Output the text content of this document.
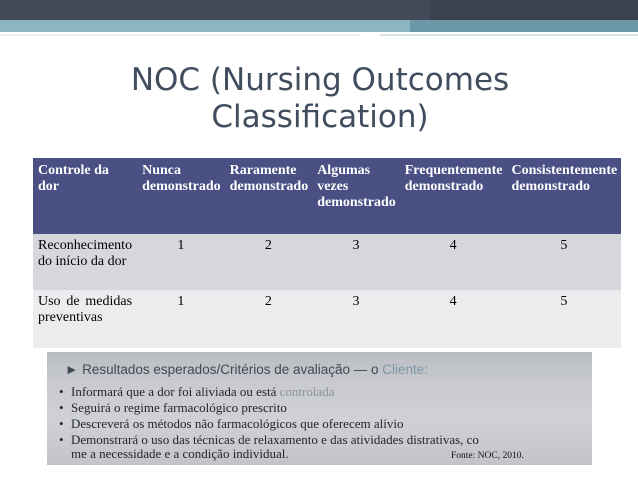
NOC (Nursing Outcomes Classification)
Controle da dor	Nunca demonstrado	Raramente demonstrado	Algumas vezes demonstrado	Frequentemente demonstrado	Consistentemente demonstrado
Reconhecimento do início da dor	1	2	3	4	5
Uso de medidas preventivas	1	2	3	4	5
► Resultados esperados/Critérios de avaliação — o Cliente:
• Informará que a dor foi aliviada ou está controlada
• Seguirá o regime farmacológico prescrito
• Descreverá os métodos não farmacológicos que oferecem alívio
• Demonstrará o uso das técnicas de relaxamento e das atividades distrativas, co
me a necessidade e a condição individual.	Fonte: NOC, 2010.
